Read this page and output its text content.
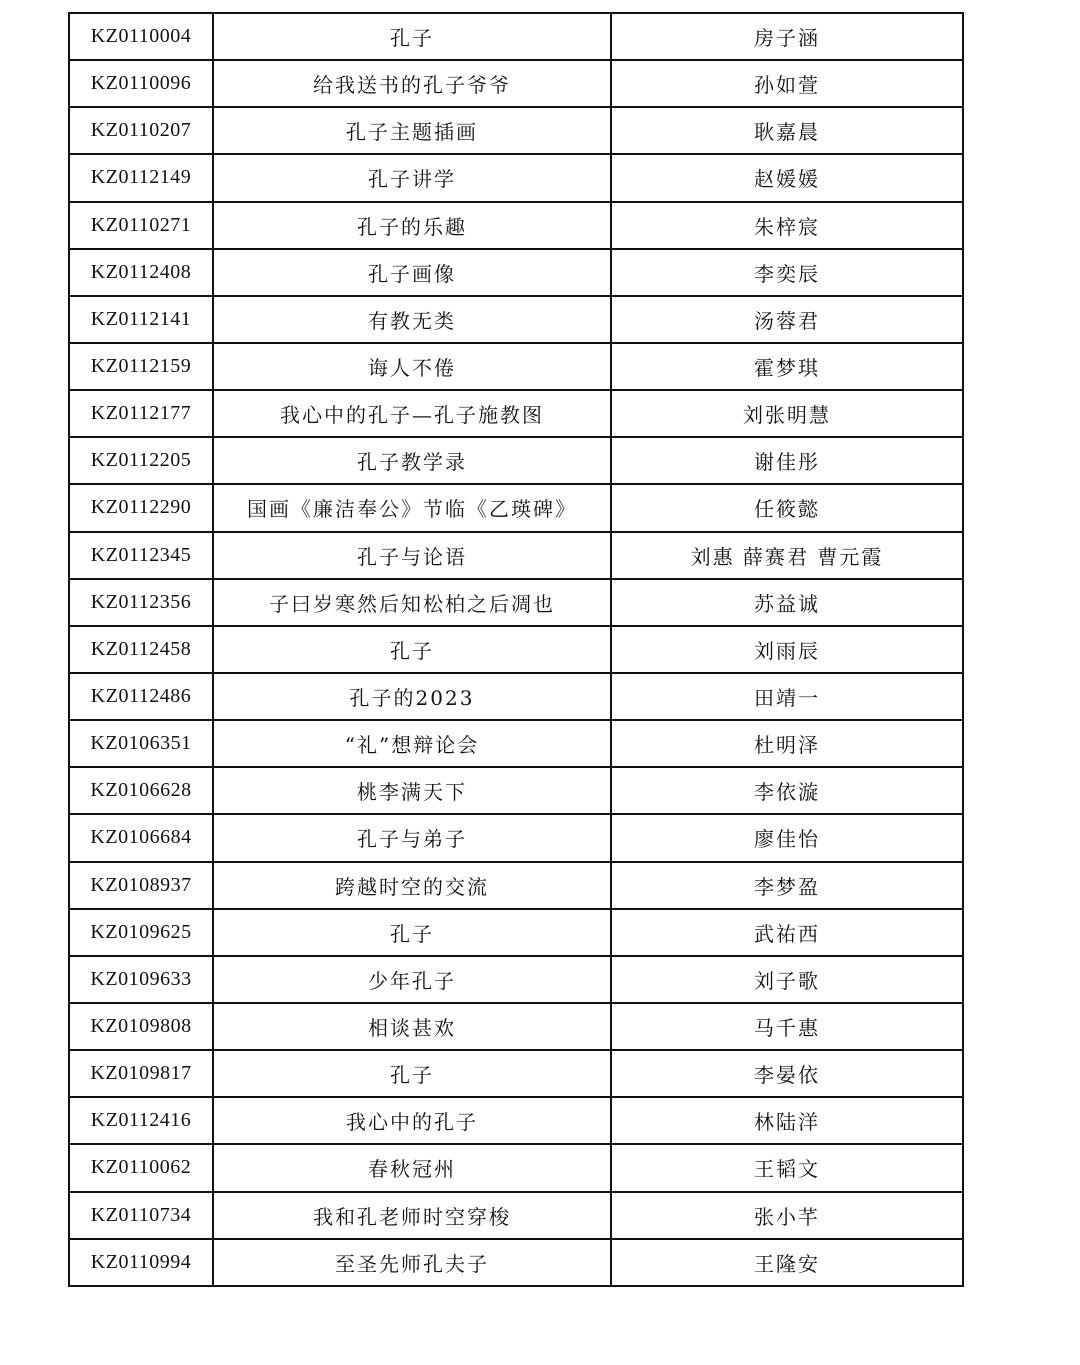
KZ0110004	孔子	房子涵
KZ0110096	给我送书的孔子爷爷	孙如萱
KZ0110207	孔子主题插画	耿嘉晨
KZ0112149	孔子讲学	赵媛媛
KZ0110271	孔子的乐趣	朱梓宸
KZ0112408	孔子画像	李奕辰
KZ0112141	有教无类	汤蓉君
KZ0112159	诲人不倦	霍梦琪
KZ0112177	我心中的孔子—孔子施教图	刘张明慧
KZ0112205	孔子教学录	谢佳彤
KZ0112290	国画《廉洁奉公》节临《乙瑛碑》	任筱懿
KZ0112345	孔子与论语	刘惠 薛赛君 曹元霞
KZ0112356	子曰岁寒然后知松柏之后凋也	苏益诚
KZ0112458	孔子	刘雨辰
KZ0112486	孔子的2023	田靖一
KZ0106351	“礼”想辩论会	杜明泽
KZ0106628	桃李满天下	李依漩
KZ0106684	孔子与弟子	廖佳怡
KZ0108937	跨越时空的交流	李梦盈
KZ0109625	孔子	武祐西
KZ0109633	少年孔子	刘子歌
KZ0109808	相谈甚欢	马千惠
KZ0109817	孔子	李晏依
KZ0112416	我心中的孔子	林陆洋
KZ0110062	春秋冠州	王韬文
KZ0110734	我和孔老师时空穿梭	张小芊
KZ0110994	至圣先师孔夫子	王隆安
